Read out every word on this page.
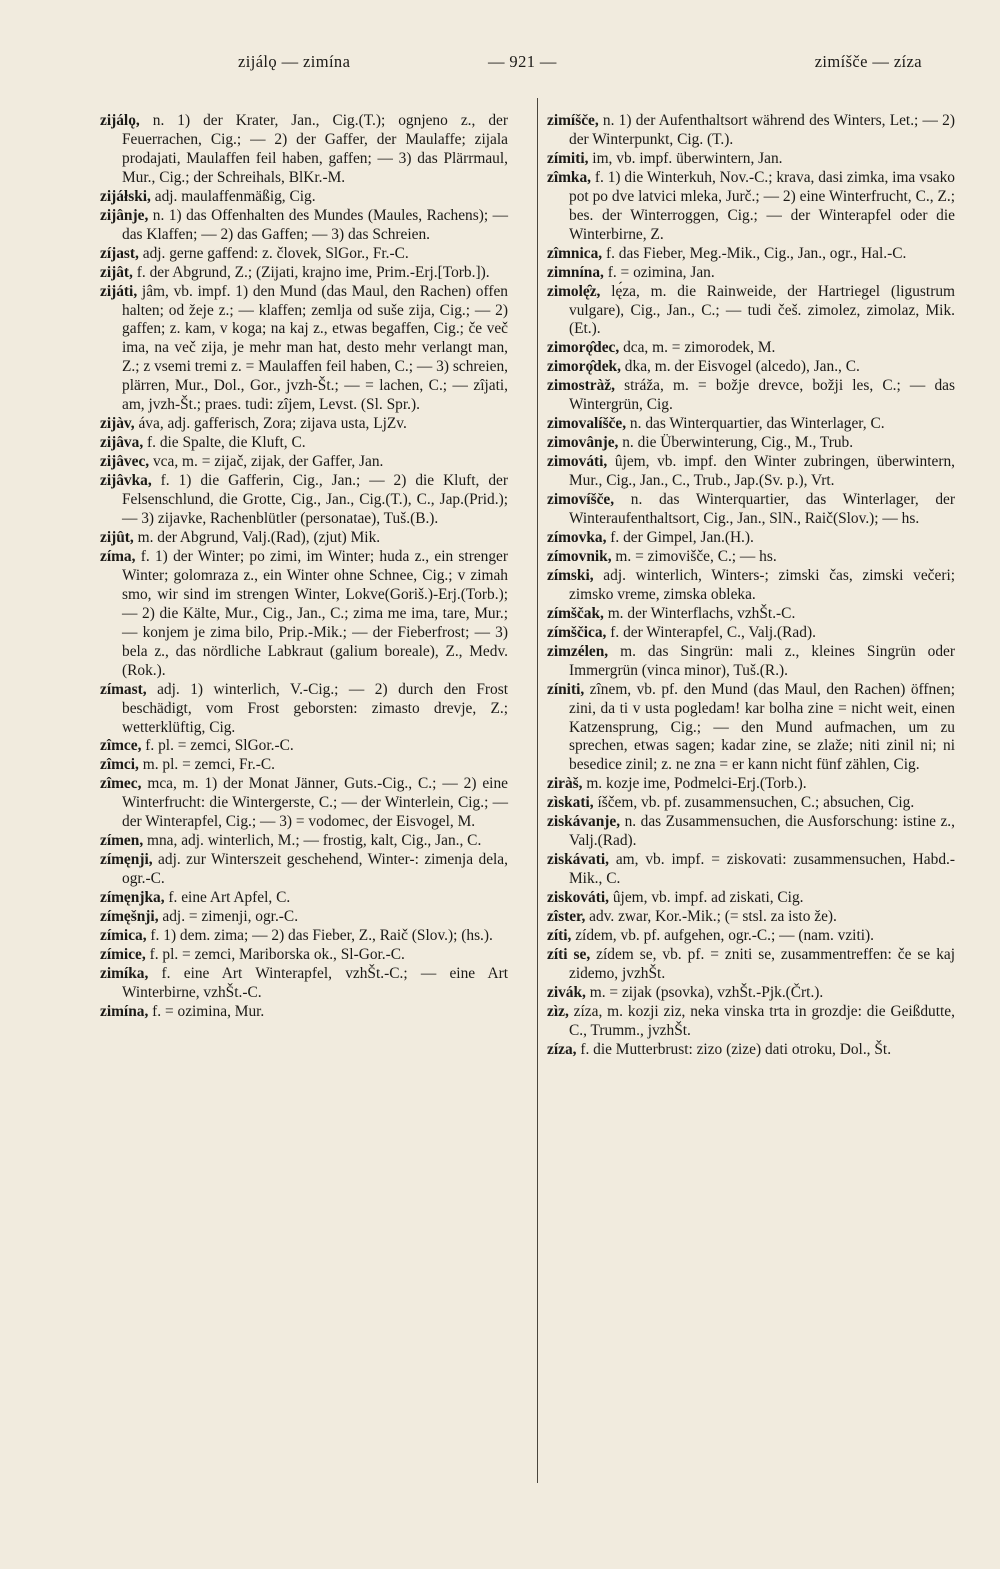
zijálǫ — zimína	— 921 —	zimíšče — zíza

zijálǫ, n. 1) der Krater, Jan., Cig.(T.); ognjeno z., der Feuerrachen, Cig.; — 2) der Gaffer, der Maulaffe; zijala prodajati, Maulaffen feil haben, gaffen; — 3) das Plärrmaul, Mur., Cig.; der Schreihals, BlKr.-M.

zijáłski, adj. maulaffenmäßig, Cig.

zijânje, n. 1) das Offenhalten des Mundes (Maules, Rachens); — das Klaffen; — 2) das Gaffen; — 3) das Schreien.

zíjast, adj. gerne gaffend: z. človek, SlGor., Fr.-C.

zijât, f. der Abgrund, Z.; (Zijati, krajno ime, Prim.-Erj.[Torb.]).

zijáti, jâm, vb. impf. 1) den Mund (das Maul, den Rachen) offen halten; od žeje z.; — klaffen; zemlja od suše zija, Cig.; — 2) gaffen; z. kam, v koga; na kaj z., etwas begaffen, Cig.; če več ima, na več zija, je mehr man hat, desto mehr verlangt man, Z.; z vsemi tremi z. = Maulaffen feil haben, C.; — 3) schreien, plärren, Mur., Dol., Gor., jvzh-Št.; — = lachen, C.; — zîjati, am, jvzh-Št.; praes. tudi: zîjem, Levst. (Sl. Spr.).

zijàv, áva, adj. gafferisch, Zora; zijava usta, LjZv.

zijâva, f. die Spalte, die Kluft, C.

zijâvec, vca, m. = zijač, zijak, der Gaffer, Jan.

zijâvka, f. 1) die Gafferin, Cig., Jan.; — 2) die Kluft, der Felsenschlund, die Grotte, Cig., Jan., Cig.(T.), C., Jap.(Prid.); — 3) zijavke, Rachenblütler (personatae), Tuš.(B.).

zijût, m. der Abgrund, Valj.(Rad), (zjut) Mik.

zíma, f. 1) der Winter; po zimi, im Winter; huda z., ein strenger Winter; golomraza z., ein Winter ohne Schnee, Cig.; v zimah smo, wir sind im strengen Winter, Lokve(Goriš.)-Erj.(Torb.); — 2) die Kälte, Mur., Cig., Jan., C.; zima me ima, tare, Mur.; — konjem je zima bilo, Prip.-Mik.; — der Fieberfrost; — 3) bela z., das nördliche Labkraut (galium boreale), Z., Medv.(Rok.).

zímast, adj. 1) winterlich, V.-Cig.; — 2) durch den Frost beschädigt, vom Frost geborsten: zimasto drevje, Z.; wetterklüftig, Cig.

zîmce, f. pl. = zemci, SlGor.-C.

zîmci, m. pl. = zemci, Fr.-C.

zîmec, mca, m. 1) der Monat Jänner, Guts.-Cig., C.; — 2) eine Winterfrucht: die Wintergerste, C.; — der Winterlein, Cig.; — der Winterapfel, Cig.; — 3) = vodomec, der Eisvogel, M.

zímen, mna, adj. winterlich, M.; — frostig, kalt, Cig., Jan., C.

zímęnji, adj. zur Winterszeit geschehend, Winter-: zimenja dela, ogr.-C.

zímęnjka, f. eine Art Apfel, C.

zímęšnji, adj. = zimenji, ogr.-C.

zímica, f. 1) dem. zima; — 2) das Fieber, Z., Raič (Slov.); (hs.).

zímice, f. pl. = zemci, Mariborska ok., Sl-Gor.-C.

zimíka, f. eine Art Winterapfel, vzhŠt.-C.; — eine Art Winterbirne, vzhŠt.-C.

zimína, f. = ozimina, Mur.

zimíšče, n. 1) der Aufenthaltsort während des Winters, Let.; — 2) der Winterpunkt, Cig. (T.).

zímiti, im, vb. impf. überwintern, Jan.

zîmka, f. 1) die Winterkuh, Nov.-C.; krava, dasi zimka, ima vsako pot po dve latvici mleka, Jurč.; — 2) eine Winterfrucht, C., Z.; bes. der Winterroggen, Cig.; — der Winterapfel oder die Winterbirne, Z.

zîmnica, f. das Fieber, Meg.-Mik., Cig., Jan., ogr., Hal.-C.

zimnína, f. = ozimina, Jan.

zimolę̑z, lę́za, m. die Rainweide, der Hartriegel (ligustrum vulgare), Cig., Jan., C.; — tudi češ. zimolez, zimolaz, Mik.(Et.).

zimorǫ̂dec, dca, m. = zimorodek, M.

zimorǫ̂dek, dka, m. der Eisvogel (alcedo), Jan., C.

zimostràž, stráža, m. = božje drevce, božji les, C.; — das Wintergrün, Cig.

zimovalíšče, n. das Winterquartier, das Winterlager, C.

zimovânje, n. die Überwinterung, Cig., M., Trub.

zimováti, ûjem, vb. impf. den Winter zubringen, überwintern, Mur., Cig., Jan., C., Trub., Jap.(Sv. p.), Vrt.

zimovíšče, n. das Winterquartier, das Winterlager, der Winteraufenthaltsort, Cig., Jan., SlN., Raič(Slov.); — hs.

zímovka, f. der Gimpel, Jan.(H.).

zímovnik, m. = zimovišče, C.; — hs.

zímski, adj. winterlich, Winters-; zimski čas, zimski večeri; zimsko vreme, zimska obleka.

zímščak, m. der Winterflachs, vzhŠt.-C.

zímščica, f. der Winterapfel, C., Valj.(Rad).

zimzélen, m. das Singrün: mali z., kleines Singrün oder Immergrün (vinca minor), Tuš.(R.).

zíniti, zînem, vb. pf. den Mund (das Maul, den Rachen) öffnen; zini, da ti v usta pogledam! kar bolha zine = nicht weit, einen Katzensprung, Cig.; — den Mund aufmachen, um zu sprechen, etwas sagen; kadar zine, se zlaže; niti zinil ni; ni besedice zinil; z. ne zna = er kann nicht fünf zählen, Cig.

ziràš, m. kozje ime, Podmelci-Erj.(Torb.).

zìskati, íščem, vb. pf. zusammensuchen, C.; absuchen, Cig.

ziskávanje, n. das Zusammensuchen, die Ausforschung: istine z., Valj.(Rad).

ziskávati, am, vb. impf. = ziskovati: zusammensuchen, Habd.-Mik., C.

ziskováti, ûjem, vb. impf. ad ziskati, Cig.

zîster, adv. zwar, Kor.-Mik.; (= stsl. za isto že).

zíti, zídem, vb. pf. aufgehen, ogr.-C.; — (nam. vziti).

zíti se, zídem se, vb. pf. = zniti se, zusammentreffen: če se kaj zidemo, jvzhŠt.

zivák, m. = zijak (psovka), vzhŠt.-Pjk.(Črt.).

zìz, zíza, m. kozji ziz, neka vinska trta in grozdje: die Geißdutte, C., Trumm., jvzhŠt.

zíza, f. die Mutterbrust: zizo (zize) dati otroku, Dol., Št.
